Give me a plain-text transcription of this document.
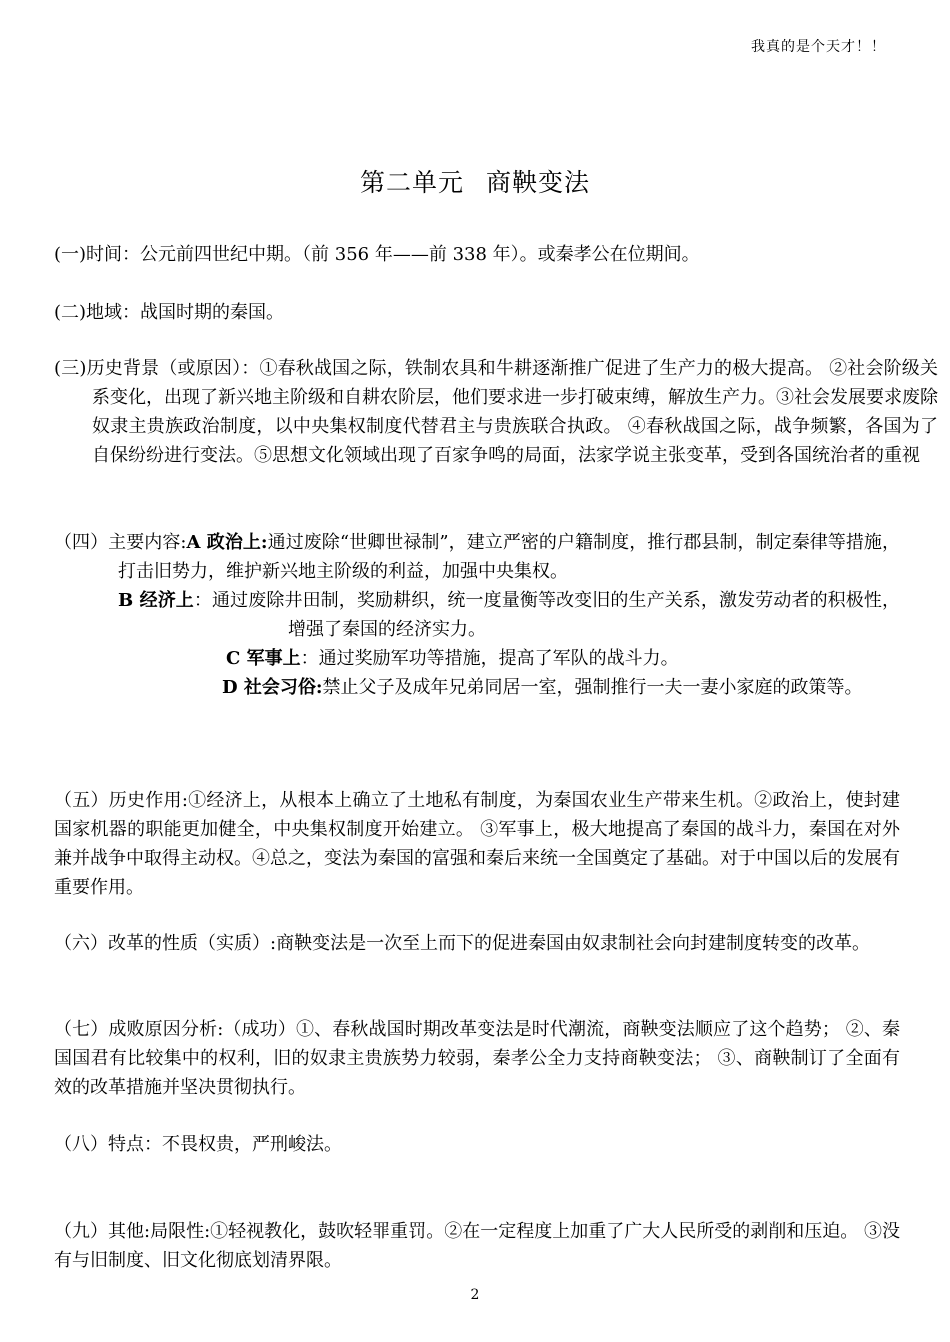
我真的是个天才！！
第二单元 商鞅变法
(一)时间：公元前四世纪中期。（前 356 年——前 338 年）。或秦孝公在位期间。
(二)地域：战国时期的秦国。
(三)历史背景（或原因）：①春秋战国之际，铁制农具和牛耕逐渐推广促进了生产力的极大提高。 ②社会阶级关系变化，出现了新兴地主阶级和自耕农阶层，他们要求进一步打破束缚，解放生产力。③社会发展要求废除奴隶主贵族政治制度，以中央集权制度代替君主与贵族联合执政。 ④春秋战国之际，战争频繁，各国为了自保纷纷进行变法。⑤思想文化领域出现了百家争鸣的局面，法家学说主张变革，受到各国统治者的重视
（四）主要内容:A 政治上:通过废除“世卿世禄制”，建立严密的户籍制度，推行郡县制，制定秦律等措施，打击旧势力，维护新兴地主阶级的利益，加强中央集权。
B 经济上：通过废除井田制，奖励耕织，统一度量衡等改变旧的生产关系，激发劳动者的积极性，增强了秦国的经济实力。
C 军事上：通过奖励军功等措施，提高了军队的战斗力。
D 社会习俗:禁止父子及成年兄弟同居一室，强制推行一夫一妻小家庭的政策等。
（五）历史作用:①经济上，从根本上确立了土地私有制度，为秦国农业生产带来生机。②政治上，使封建国家机器的职能更加健全，中央集权制度开始建立。 ③军事上，极大地提高了秦国的战斗力，秦国在对外兼并战争中取得主动权。④总之，变法为秦国的富强和秦后来统一全国奠定了基础。对于中国以后的发展有重要作用。
（六）改革的性质（实质）:商鞅变法是一次至上而下的促进秦国由奴隶制社会向封建制度转变的改革。
（七）成败原因分析:（成功）①、春秋战国时期改革变法是时代潮流，商鞅变法顺应了这个趋势； ②、秦国国君有比较集中的权利，旧的奴隶主贵族势力较弱，秦孝公全力支持商鞅变法； ③、商鞅制订了全面有效的改革措施并坚决贯彻执行。
（八）特点：不畏权贵，严刑峻法。
（九）其他:局限性:①轻视教化，鼓吹轻罪重罚。②在一定程度上加重了广大人民所受的剥削和压迫。 ③没有与旧制度、旧文化彻底划清界限。
2
